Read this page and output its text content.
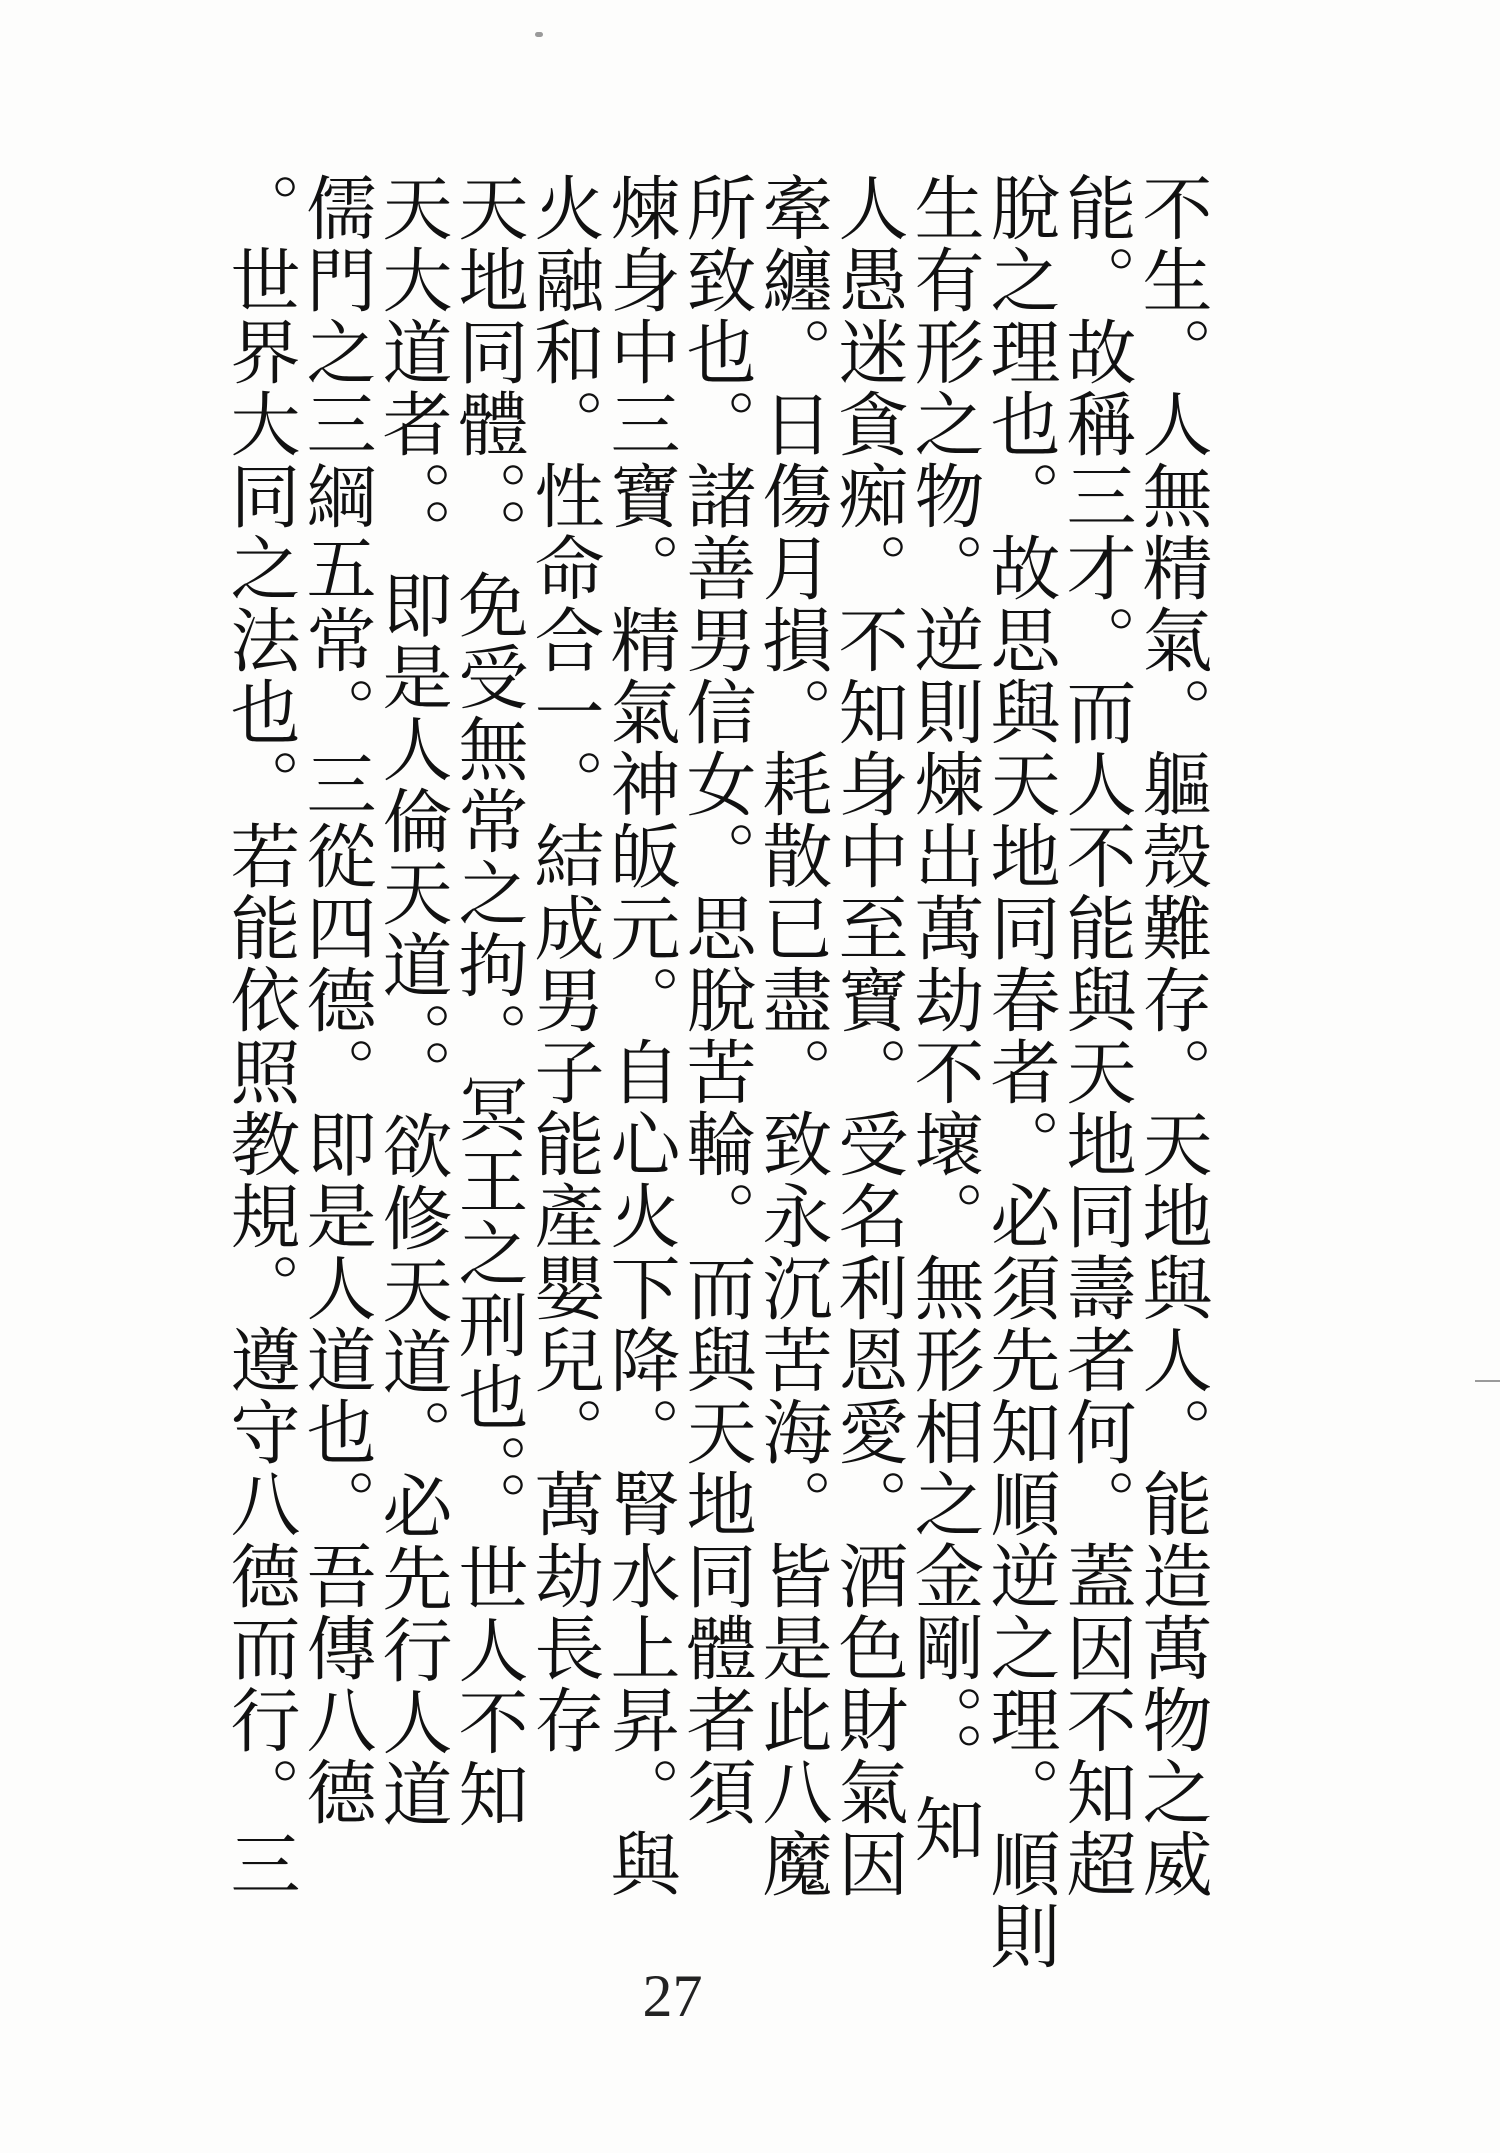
不生。人無精氣。軀殼難存。天地與人。能造萬物之威
能。故稱三才。而人不能與天地同壽者何。蓋因不知超
脫之理也。故思與天地同春者。必須先知順逆之理。順則
生有形之物。逆則煉出萬劫不壞。無形相之金剛。。知
人愚迷貪痴。不知身中至寶。受名利恩愛。酒色財氣因
牽纏。日傷月損。耗散已盡。致永沉苦海。皆是此八魔
所致也。諸善男信女。思脫苦輪。而與天地同體者須
煉身中三寶。精氣神皈元。自心火下降。腎水上昇。與
火融和。性命合一。結成男子能產嬰兒。萬劫長存
天地同體。。免受無常之拘。冥王之刑也。。世人不知
天大道者。。即是人倫天道。。欲修天道。必先行人道
儒門之三綱五常。三從四德。即是人道也。吾傳八德
。世界大同之法也。若能依照教規。遵守八德而行。三
27
